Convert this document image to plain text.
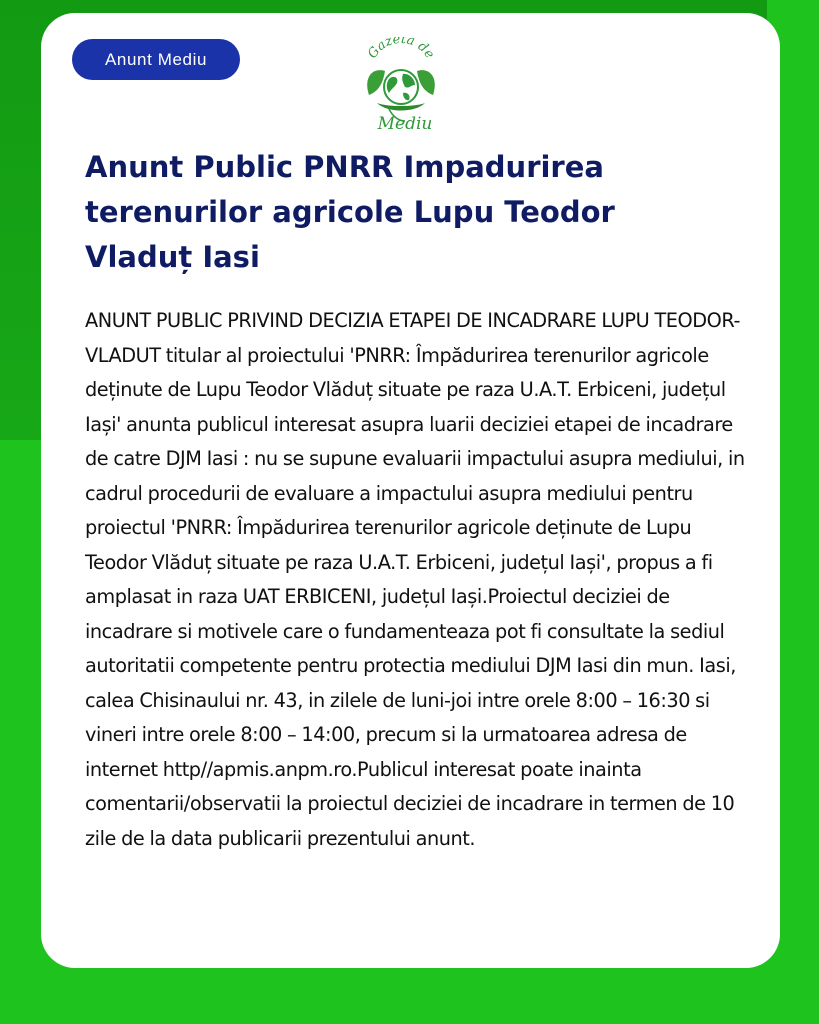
Anunt Mediu	Gazeta de
Mediu
Anunt Public PNRR Impadurirea terenurilor agricole Lupu Teodor Vladuț Iasi

ANUNT PUBLIC PRIVIND DECIZIA ETAPEI DE INCADRARE LUPU TEODOR-VLADUT titular al proiectului 'PNRR: Împădurirea terenurilor agricole deținute de Lupu Teodor Vlăduț situate pe raza U.A.T. Erbiceni, județul Iași' anunta publicul interesat asupra luarii deciziei etapei de incadrare de catre DJM Iasi : nu se supune evaluarii impactului asupra mediului, in cadrul procedurii de evaluare a impactului asupra mediului pentru proiectul 'PNRR: Împădurirea terenurilor agricole deținute de Lupu Teodor Vlăduț situate pe raza U.A.T. Erbiceni, județul Iași', propus a fi amplasat in raza UAT ERBICENI, județul Iași.Proiectul deciziei de incadrare si motivele care o fundamenteaza pot fi consultate la sediul autoritatii competente pentru protectia mediului DJM Iasi din mun. Iasi, calea Chisinaului nr. 43, in zilele de luni-joi intre orele 8:00 – 16:30 si vineri intre orele 8:00 – 14:00, precum si la urmatoarea adresa de internet http//apmis.anpm.ro.Publicul interesat poate inainta comentarii/observatii la proiectul deciziei de incadrare in termen de 10 zile de la data publicarii prezentului anunt.
